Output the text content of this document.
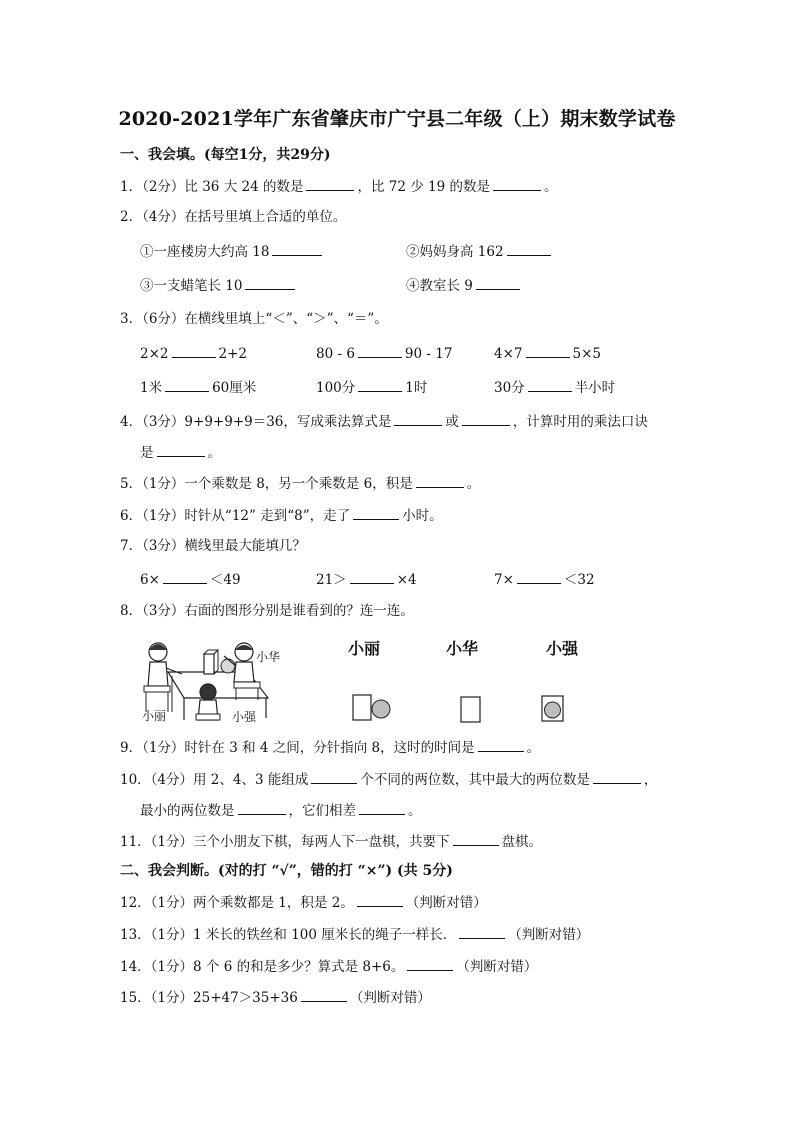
2020-2021学年广东省肇庆市广宁县二年级（上）期末数学试卷
一、我会填。(每空1分，共29分)
1．（2分）比 36 大 24 的数是	，比 72 少 19 的数是	。
2．（4分）在括号里填上合适的单位。
①一座楼房大约高 18	②妈妈身高 162
③一支蜡笔长 10	④教室长 9
3．（6分）在横线里填上“＜”、“＞”、“＝”。
2×2	2+2	80 - 6	90 - 17	4×7	5×5
1米	60厘米	100分	1时	30分	半小时
4．（3分）9+9+9+9＝36，写成乘法算式是	或	，计算时用的乘法口诀
是	。
5．（1分）一个乘数是 8，另一个乘数是 6，积是	。
6．（1分）时针从“12” 走到“8”，走了	小时。
7．（3分）横线里最大能填几？
6×	＜49	21＞	×4	7×	＜32
8．（3分）右面的图形分别是谁看到的？连一连。
小华
小丽	小强
小丽	小华	小强
9．（1分）时针在 3 和 4 之间，分针指向 8，这时的时间是	。
10．（4分）用 2、4、3 能组成	个不同的两位数，其中最大的两位数是	，
最小的两位数是	，它们相差	。
11．（1分）三个小朋友下棋，每两人下一盘棋，共要下	盘棋。
二、我会判断。(对的打 “√”，错的打 “×”) (共 5分)
12．（1分）两个乘数都是 1，积是 2。	（判断对错）
13．（1分）1 米长的铁丝和 100 厘米长的绳子一样长．	（判断对错）
14．（1分）8 个 6 的和是多少？算式是 8+6。	（判断对错）
15．（1分）25+47＞35+36	（判断对错）
